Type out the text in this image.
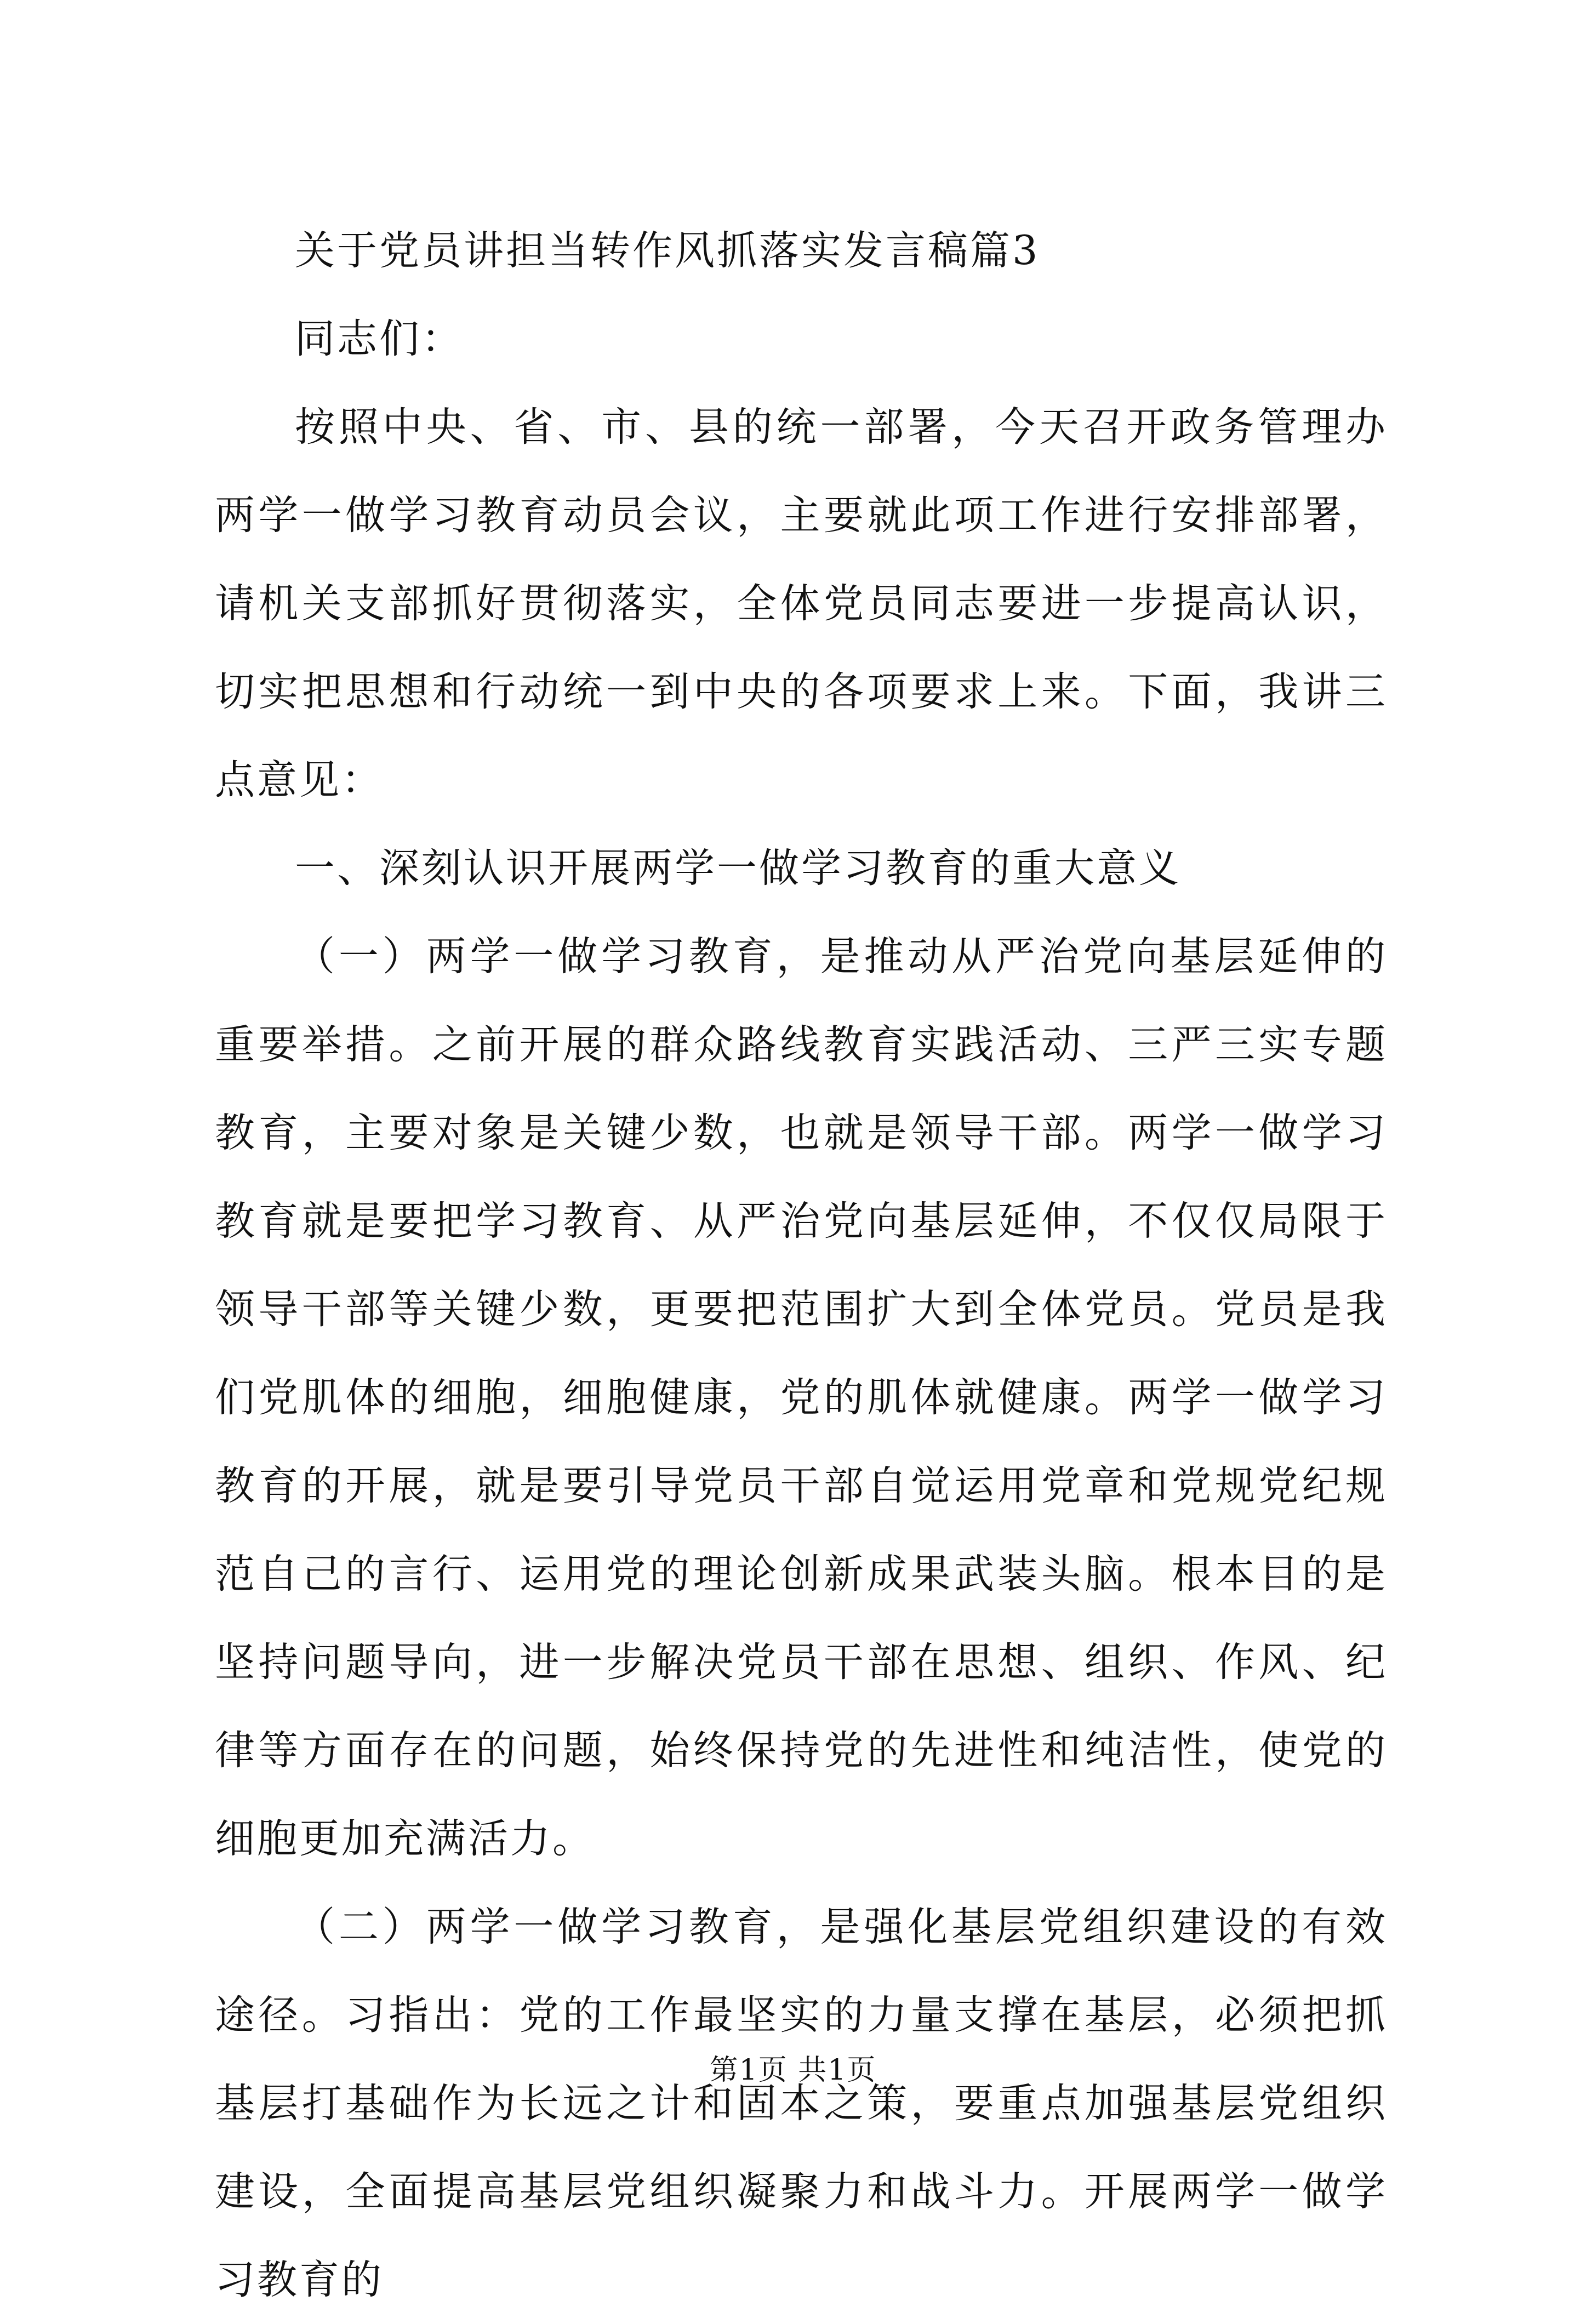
关于党员讲担当转作风抓落实发言稿篇3

同志们：

按照中央、省、市、县的统一部署，今天召开政务管理办两学一做学习教育动员会议，主要就此项工作进行安排部署，请机关支部抓好贯彻落实，全体党员同志要进一步提高认识，切实把思想和行动统一到中央的各项要求上来。下面，我讲三点意见：

一、深刻认识开展两学一做学习教育的重大意义

（一）两学一做学习教育，是推动从严治党向基层延伸的重要举措。之前开展的群众路线教育实践活动、三严三实专题教育，主要对象是关键少数，也就是领导干部。两学一做学习教育就是要把学习教育、从严治党向基层延伸，不仅仅局限于领导干部等关键少数，更要把范围扩大到全体党员。党员是我们党肌体的细胞，细胞健康，党的肌体就健康。两学一做学习教育的开展，就是要引导党员干部自觉运用党章和党规党纪规范自己的言行、运用党的理论创新成果武装头脑。根本目的是坚持问题导向，进一步解决党员干部在思想、组织、作风、纪律等方面存在的问题，始终保持党的先进性和纯洁性，使党的细胞更加充满活力。

（二）两学一做学习教育，是强化基层党组织建设的有效途径。习指出：党的工作最坚实的力量支撑在基层，必须把抓基层打基础作为长远之计和固本之策，要重点加强基层党组织建设，全面提高基层党组织凝聚力和战斗力。开展两学一做学习教育的

第1页 共1页
